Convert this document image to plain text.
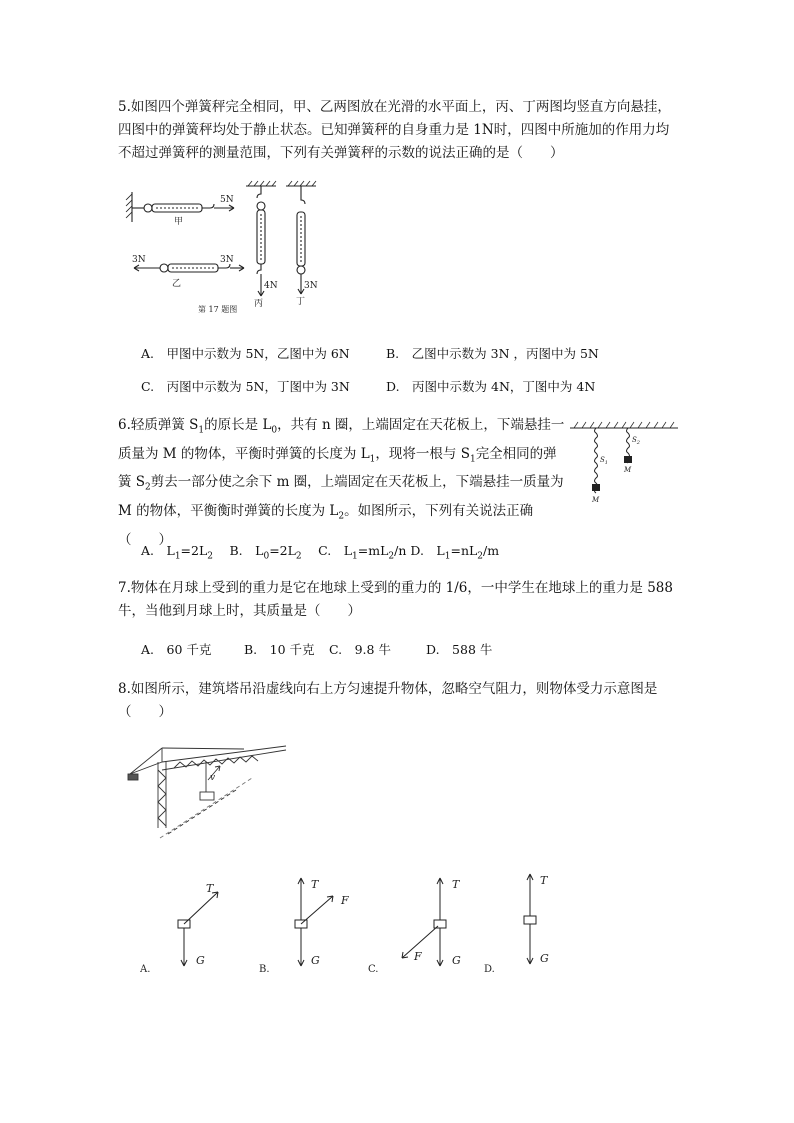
5.如图四个弹簧秤完全相同，甲、乙两图放在光滑的水平面上，丙、丁两图均竖直方向悬挂，四图中的弹簧秤均处于静止状态。已知弹簧秤的自身重力是 1N时，四图中所施加的作用力均不超过弹簧秤的测量范围，下列有关弹簧秤的示数的说法正确的是（　　）

甲
5N
乙
3N	3N
4N
丙
3N
丁
第 17 题图
A.　甲图中示数为 5N，乙图中为 6N	B.　乙图中示数为 3N ，丙图中为 5N
C.　丙图中示数为 5N，丁图中为 3N	D.　丙图中示数为 4N，丁图中为 4N

6.轻质弹簧 $S_1$的原长是 $L_0$，共有 n 圈，上端固定在天花板上，下端悬挂一质量为 M 的物体，平衡时弹簧的长度为 $L_1$，现将一根与 $S_1$完全相同的弹簧 $S_2$剪去一部分使之余下 m 圈，上端固定在天花板上，下端悬挂一质量为 M 的物体，平衡衡时弹簧的长度为 $L_2$。如图所示，下列有关说法正确（　　）

$S_1$
$S_2$
M
M
A.　$L_1=2L_2$　 B.　$L_0=2L_2$　 C.　$L_1=mL_2/n$ D.　$L_1=nL_2/m$

7.物体在月球上受到的重力是它在地球上受到的重力的 1/6，一中学生在地球上的重力是 588 牛，当他到月球上时，其质量是（　　）

A.　60 千克	B.　10 千克 C.　9.8 牛	D.　588 牛

8.如图所示，建筑塔吊沿虚线向右上方匀速提升物体，忽略空气阻力，则物体受力示意图是（　　）

v
T
G
A.
T
F
G
B.
T
F	G
C.
T
G
D.
